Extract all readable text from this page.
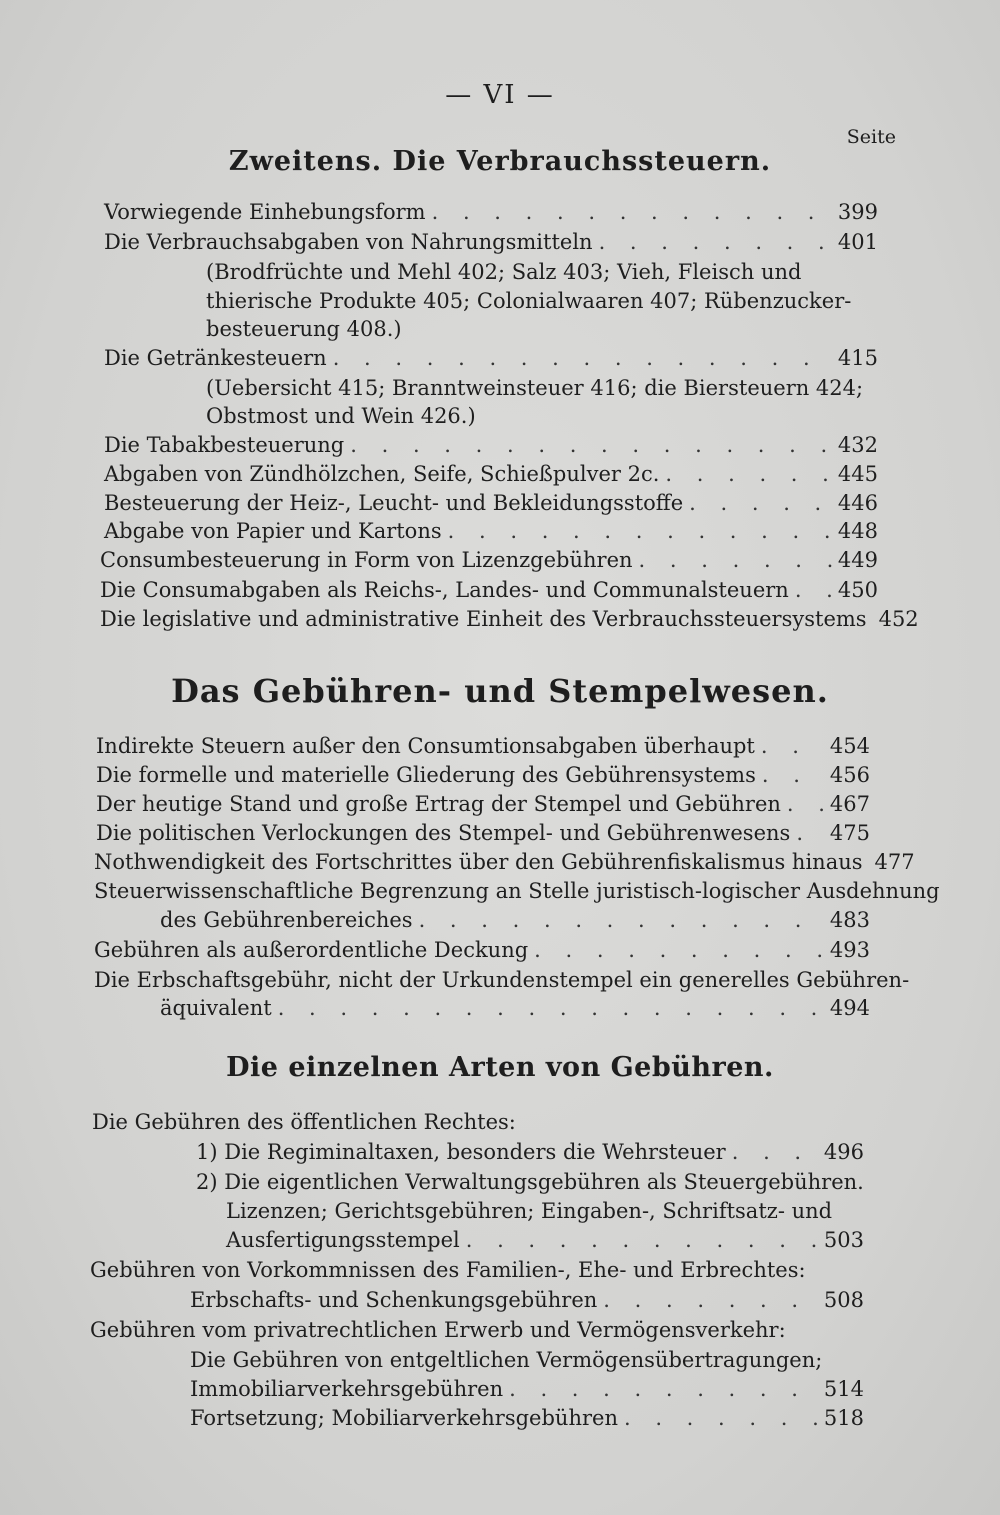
— VI —
Seite
Zweitens. Die Verbrauchssteuern.
Vorwiegende Einhebungsform . . .	399
Die Verbrauchsabgaben von Nahrungsmitteln . . .	401
(Brodfrüchte und Mehl 402; Salz 403; Vieh, Fleisch und
thierische Produkte 405; Colonialwaaren 407; Rübenzucker-
besteuerung 408.)
Die Getränkesteuern . . .	415
(Uebersicht 415; Branntweinsteuer 416; die Biersteuern 424;
Obstmost und Wein 426.)
Die Tabakbesteuerung . . .	432
Abgaben von Zündhölzchen, Seife, Schießpulver 2c. . . .	445
Besteuerung der Heiz-, Leucht- und Bekleidungsstoffe . . .	446
Abgabe von Papier und Kartons . . .	448
Consumbesteuerung in Form von Lizenzgebühren . . .	449
Die Consumabgaben als Reichs-, Landes- und Communalsteuern . . . 450
Die legislative und administrative Einheit des Verbrauchssteuersystems 452
Das Gebühren- und Stempelwesen.
Indirekte Steuern außer den Consumtionsabgaben überhaupt . . .	454
Die formelle und materielle Gliederung des Gebührensystems . . .	456
Der heutige Stand und große Ertrag der Stempel und Gebühren . . . 467
Die politischen Verlockungen des Stempel- und Gebührenwesens . . . 475
Nothwendigkeit des Fortschrittes über den Gebührenfiskalismus hinaus 477
Steuerwissenschaftliche Begrenzung an Stelle juristisch-logischer Ausdehnung
des Gebührenbereiches . . .	483
Gebühren als außerordentliche Deckung . . .	493
Die Erbschaftsgebühr, nicht der Urkundenstempel ein generelles Gebühren-
äquivalent . . .	494
Die einzelnen Arten von Gebühren.
Die Gebühren des öffentlichen Rechtes:
1) Die Regiminaltaxen, besonders die Wehrsteuer . . .	496
2) Die eigentlichen Verwaltungsgebühren als Steuergebühren.
Lizenzen; Gerichtsgebühren; Eingaben-, Schriftsatz- und
Ausfertigungsstempel . . .	503
Gebühren von Vorkommnissen des Familien-, Ehe- und Erbrechtes:
Erbschafts- und Schenkungsgebühren . . .	508
Gebühren vom privatrechtlichen Erwerb und Vermögensverkehr:
Die Gebühren von entgeltlichen Vermögensübertragungen;
Immobiliarverkehrsgebühren . . .	514
Fortsetzung; Mobiliarverkehrsgebühren . . .	518
